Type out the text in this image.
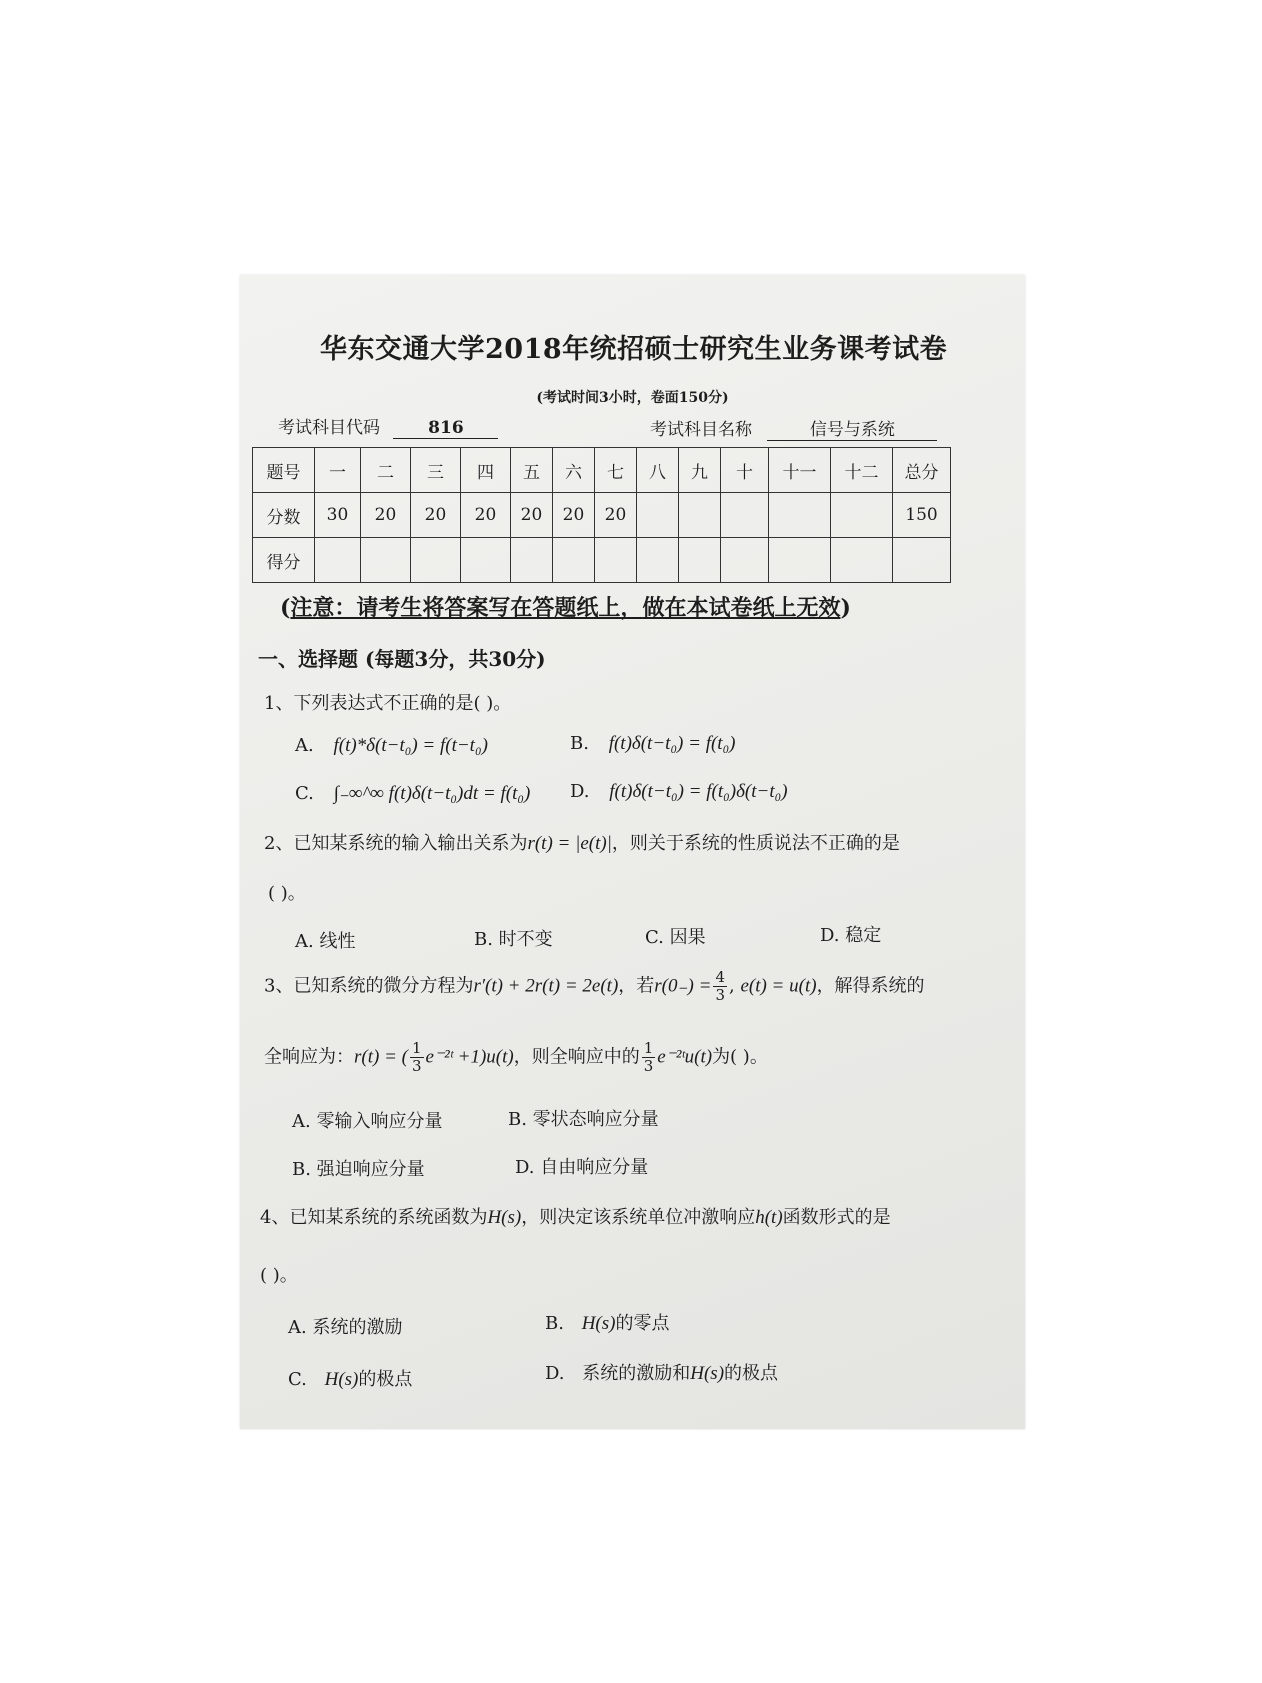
华东交通大学2018年统招硕士研究生业务课考试卷
(考试时间3小时，卷面150分)
考试科目代码	816	考试科目名称	信号与系统
题号	一	二	三	四	五	六	七	八	九	十	十一	十二	总分
分数	30	20	20	20	20	20	20						150
得分													
(注意：请考生将答案写在答题纸上，做在本试卷纸上无效)
一、选择题 (每题3分，共30分)
1、下列表达式不正确的是( )。
A. f(t)*δ(t−t₀) = f(t−t₀)	B. f(t)δ(t−t₀) = f(t₀)
C. ∫₋∞^∞ f(t)δ(t−t₀)dt = f(t₀) D. f(t)δ(t−t₀) = f(t₀)δ(t−t₀)
2、已知某系统的输入输出关系为r(t) = |e(t)|，则关于系统的性质说法不正确的是
( )。
A. 线性	B. 时不变	C. 因果	D. 稳定
3、已知系统的微分方程为r′(t) + 2r(t) = 2e(t)，若$r(0_-) = \frac{4}{3}$ , e(t) = u(t)，解得系统的
全响应为：r(t) = ( $\frac{1}{3}$ e⁻²ᵗ +1)u(t)，则全响应中的 $\frac{1}{3}$ e⁻²ᵗu(t)为( )。
A. 零输入响应分量	B. 零状态响应分量
B. 强迫响应分量	D. 自由响应分量
4、已知某系统的系统函数为H(s)，则决定该系统单位冲激响应h(t)函数形式的是
( )。
A. 系统的激励	B. H(s)的零点
C. H(s)的极点	D. 系统的激励和H(s)的极点
